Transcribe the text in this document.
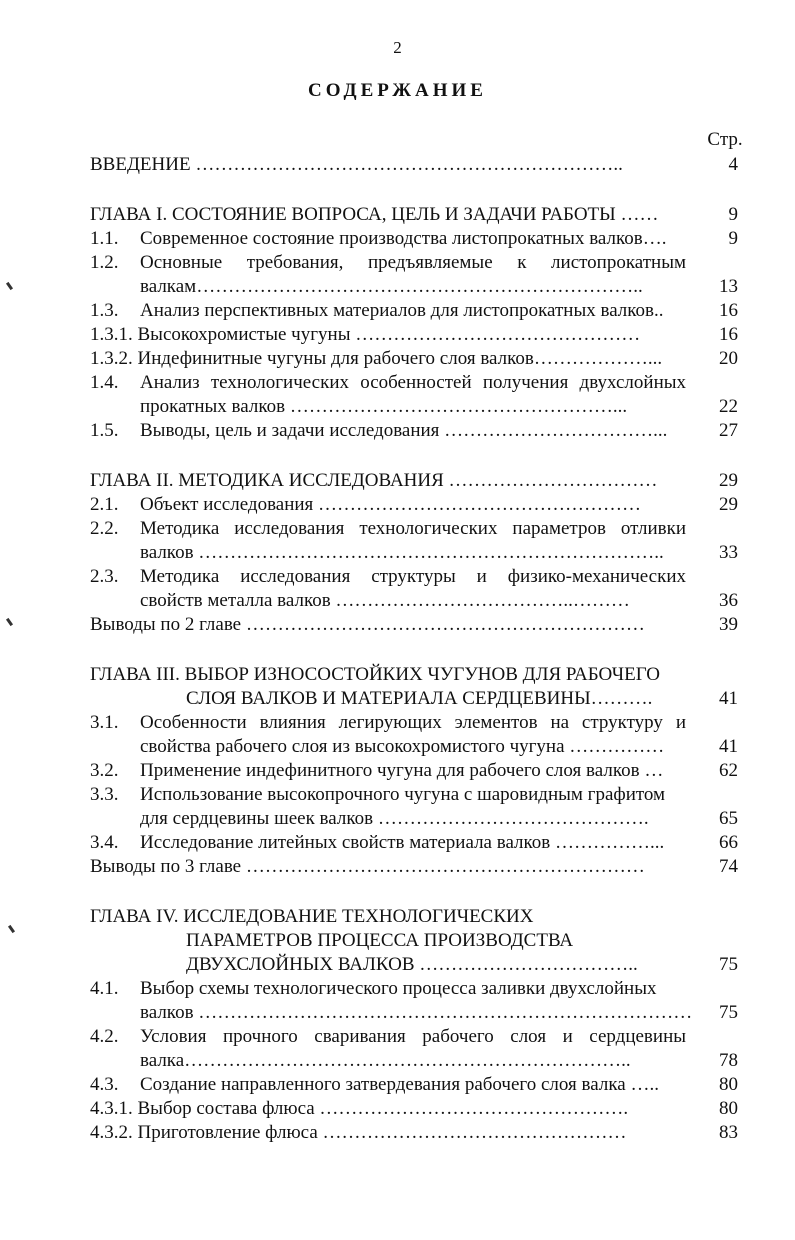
2
СОДЕРЖАНИЕ
Стр.
ВВЕДЕНИЕ …………………………………………………………..	4
ГЛАВА I. СОСТОЯНИЕ ВОПРОСА, ЦЕЛЬ И ЗАДАЧИ РАБОТЫ ……	9
1.1. Современное состояние производства листопрокатных валков….	9
1.2. Основные требования, предъявляемые к листопрокатным
валкам……………………………………………………………..	13
1.3. Анализ перспективных материалов для листопрокатных валков..	16
1.3.1. Высокохромистые чугуны ………………………………………	16
1.3.2. Индефинитные чугуны для рабочего слоя валков………………...	20
1.4. Анализ технологических особенностей получения двухслойных
прокатных валков ……………………………………………...	22
1.5. Выводы, цель и задачи исследования ……………………………...	27
ГЛАВА II. МЕТОДИКА ИССЛЕДОВАНИЯ ……………………………	29
2.1. Объект исследования ……………………………………………	29
2.2. Методика исследования технологических параметров отливки
валков ………………………………………………………………..	33
2.3. Методика исследования структуры и физико-механических
свойств металла валков ………………………………..………	36
Выводы по 2 главе ………………………………………………………	39
ГЛАВА III. ВЫБОР ИЗНОСОСТОЙКИХ ЧУГУНОВ ДЛЯ РАБОЧЕГО
СЛОЯ ВАЛКОВ И МАТЕРИАЛА СЕРДЦЕВИНЫ……….	41
3.1. Особенности влияния легирующих элементов на структуру и
свойства рабочего слоя из высокохромистого чугуна ……………	41
3.2. Применение индефинитного чугуна для рабочего слоя валков …	62
3.3. Использование высокопрочного чугуна с шаровидным графитом
для сердцевины шеек валков …………………………………….	65
3.4. Исследование литейных свойств материала валков ……………...	66
Выводы по 3 главе ………………………………………………………	74
ГЛАВА IV. ИССЛЕДОВАНИЕ ТЕХНОЛОГИЧЕСКИХ
ПАРАМЕТРОВ ПРОЦЕССА ПРОИЗВОДСТВА
ДВУХСЛОЙНЫХ ВАЛКОВ ……………………………..	75
4.1. Выбор схемы технологического процесса заливки двухслойных
валков ……………………………………………………………………	75
4.2. Условия прочного сваривания рабочего слоя и сердцевины
валка……………………………………………………………..	78
4.3. Создание направленного затвердевания рабочего слоя валка …..	80
4.3.1. Выбор состава флюса ………………………………………….	80
4.3.2. Приготовление флюса …………………………………………	83
